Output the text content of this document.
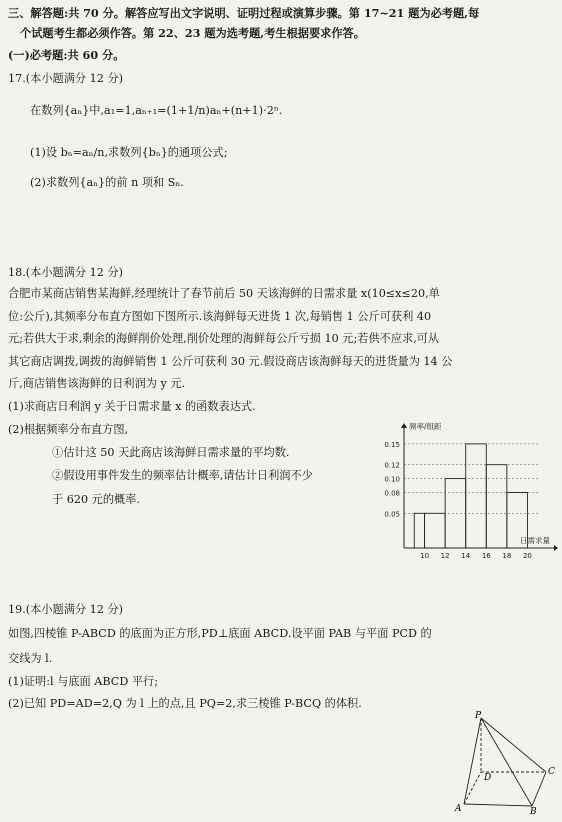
三、解答题:共 70 分。解答应写出文字说明、证明过程或演算步骤。第 17~21 题为必考题,每
个试题考生都必须作答。第 22、23 题为选考题,考生根据要求作答。
(一)必考题:共 60 分。
17.(本小题满分 12 分)
在数列{aₙ}中,a₁=1,aₙ₊₁=(1+1/n)aₙ+(n+1)·2ⁿ.
(1)设 bₙ=aₙ/n,求数列{bₙ}的通项公式;
(2)求数列{aₙ}的前 n 项和 Sₙ.
18.(本小题满分 12 分)
合肥市某商店销售某海鲜,经理统计了春节前后 50 天该海鲜的日需求量 x(10≤x≤20,单
位:公斤),其频率分布直方图如下图所示.该海鲜每天进货 1 次,每销售 1 公斤可获利 40
元;若供大于求,剩余的海鲜削价处理,削价处理的海鲜每公斤亏损 10 元;若供不应求,可从
其它商店调拨,调拨的海鲜销售 1 公斤可获利 30 元.假设商店该海鲜每天的进货量为 14 公
斤,商店销售该海鲜的日利润为 y 元.
(1)求商店日利润 y 关于日需求量 x 的函数表达式.
(2)根据频率分布直方图,
①估计这 50 天此商店该海鲜日需求量的平均数.
②假设用事件发生的频率估计概率,请估计日利润不少
于 620 元的概率.
0.05
0.08
0.10
0.12
0.15
10 12 14 16 18 20
频率/组距
日需求量
19.(本小题满分 12 分)
如图,四棱锥 P-ABCD 的底面为正方形,PD⊥底面 ABCD.设平面 PAB 与平面 PCD 的
交线为 l.
(1)证明:l 与底面 ABCD 平行;
(2)已知 PD=AD=2,Q 为 l 上的点,且 PQ=2,求三棱锥 P-BCQ 的体积.
P
A	B
C
D
